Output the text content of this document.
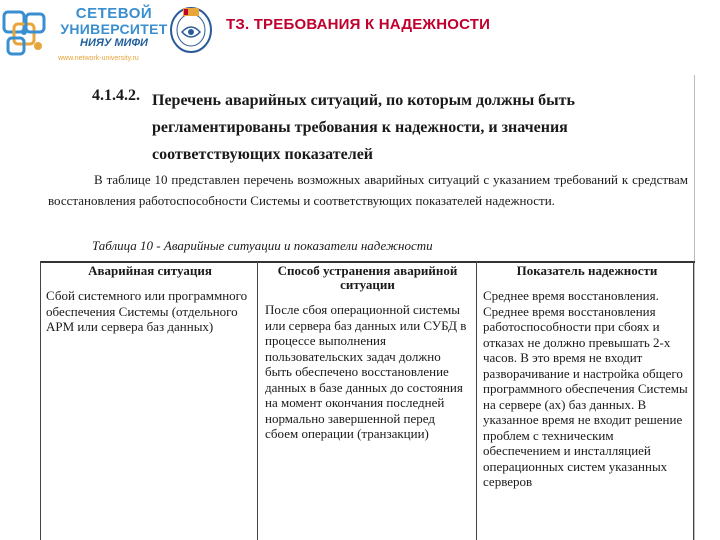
СЕТЕВОЙ
УНИВЕРСИТЕТ
НИЯУ МИФИ
www.network-university.ru
ТЗ. ТРЕБОВАНИЯ К НАДЕЖНОСТИ
4.1.4.2. Перечень аварийных ситуаций, по которым должны быть регламентированы требования к надежности, и значения соответствующих показателей
В таблице 10 представлен перечень возможных аварийных ситуаций с указанием требований к средствам восстановления работоспособности Системы и соответствующих показателей надежности.
Таблица 10 - Аварийные ситуации и показатели надежности
Аварийная ситуация
Сбой системного или программного обеспечения Системы (отдельного АРМ или сервера баз данных)
Способ устранения аварийной ситуации
После сбоя операционной системы или сервера баз данных или СУБД в процессе выполнения пользовательских задач должно быть обеспечено восстановление данных в базе данных до состояния на момент окончания последней нормально завершенной перед сбоем операции (транзакции)
Показатель надежности
Среднее время восстановления. Среднее время восстановления работоспособности при сбоях и отказах не должно превышать 2-х часов. В это время не входит разворачивание и настройка общего программного обеспечения Системы на сервере (ах) баз данных. В указанное время не входит решение проблем с техническим обеспечением и инсталляцией операционных систем указанных серверов
